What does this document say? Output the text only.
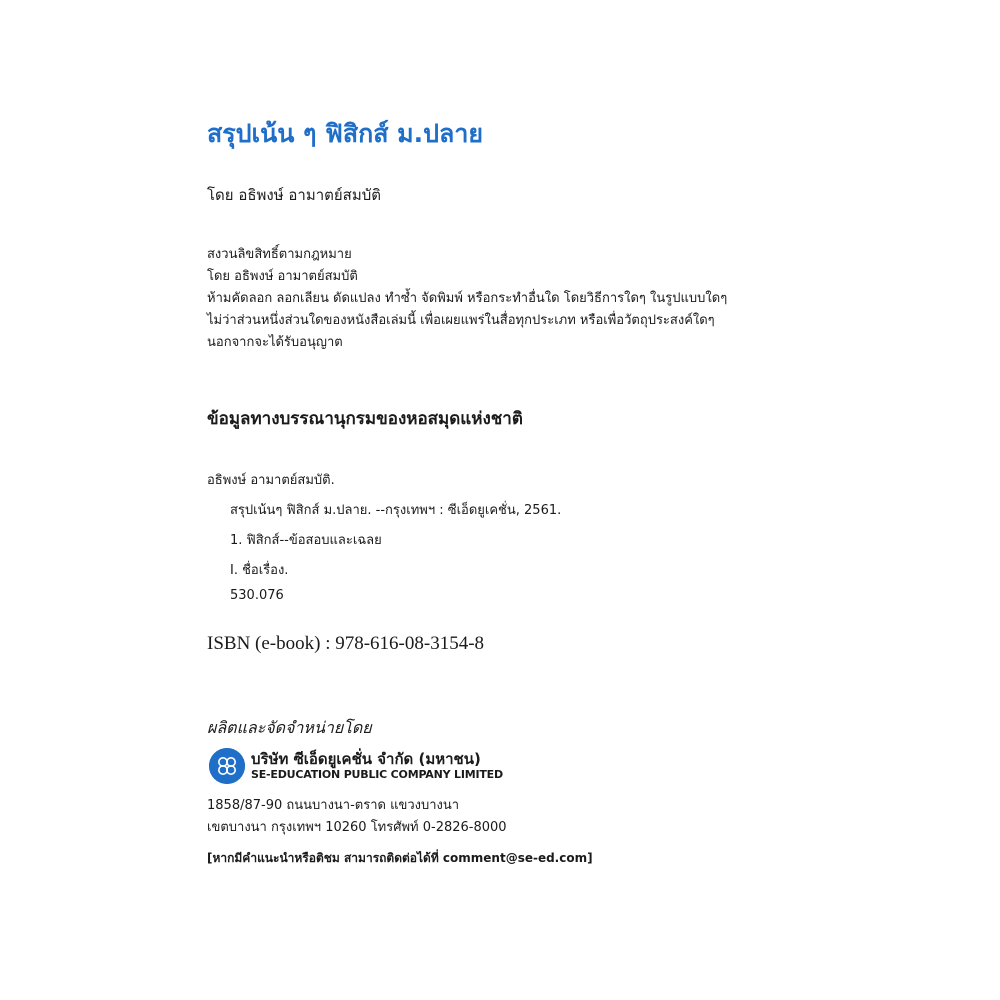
สรุปเน้น ๆ ฟิสิกส์ ม.ปลาย
โดย อธิพงษ์ อามาตย์สมบัติ
สงวนลิขสิทธิ์ตามกฎหมาย
โดย อธิพงษ์ อามาตย์สมบัติ
ห้ามคัดลอก ลอกเลียน ดัดแปลง ทำซ้ำ จัดพิมพ์ หรือกระทำอื่นใด โดยวิธีการใดๆ ในรูปแบบใดๆ
ไม่ว่าส่วนหนึ่งส่วนใดของหนังสือเล่มนี้ เพื่อเผยแพร่ในสื่อทุกประเภท หรือเพื่อวัตถุประสงค์ใดๆ
นอกจากจะได้รับอนุญาต
ข้อมูลทางบรรณานุกรมของหอสมุดแห่งชาติ
อธิพงษ์ อามาตย์สมบัติ.
สรุปเน้นๆ ฟิสิกส์ ม.ปลาย. --กรุงเทพฯ : ซีเอ็ดยูเคชั่น, 2561.
1. ฟิสิกส์--ข้อสอบและเฉลย
I. ชื่อเรื่อง.
530.076
ISBN (e-book) : 978-616-08-3154-8
ผลิตและจัดจำหน่ายโดย
บริษัท ซีเอ็ดยูเคชั่น จำกัด (มหาชน)
SE-EDUCATION PUBLIC COMPANY LIMITED
1858/87-90 ถนนบางนา-ตราด แขวงบางนา
เขตบางนา กรุงเทพฯ 10260 โทรศัพท์ 0-2826-8000
[หากมีคำแนะนำหรือติชม สามารถติดต่อได้ที่ comment@se-ed.com]
